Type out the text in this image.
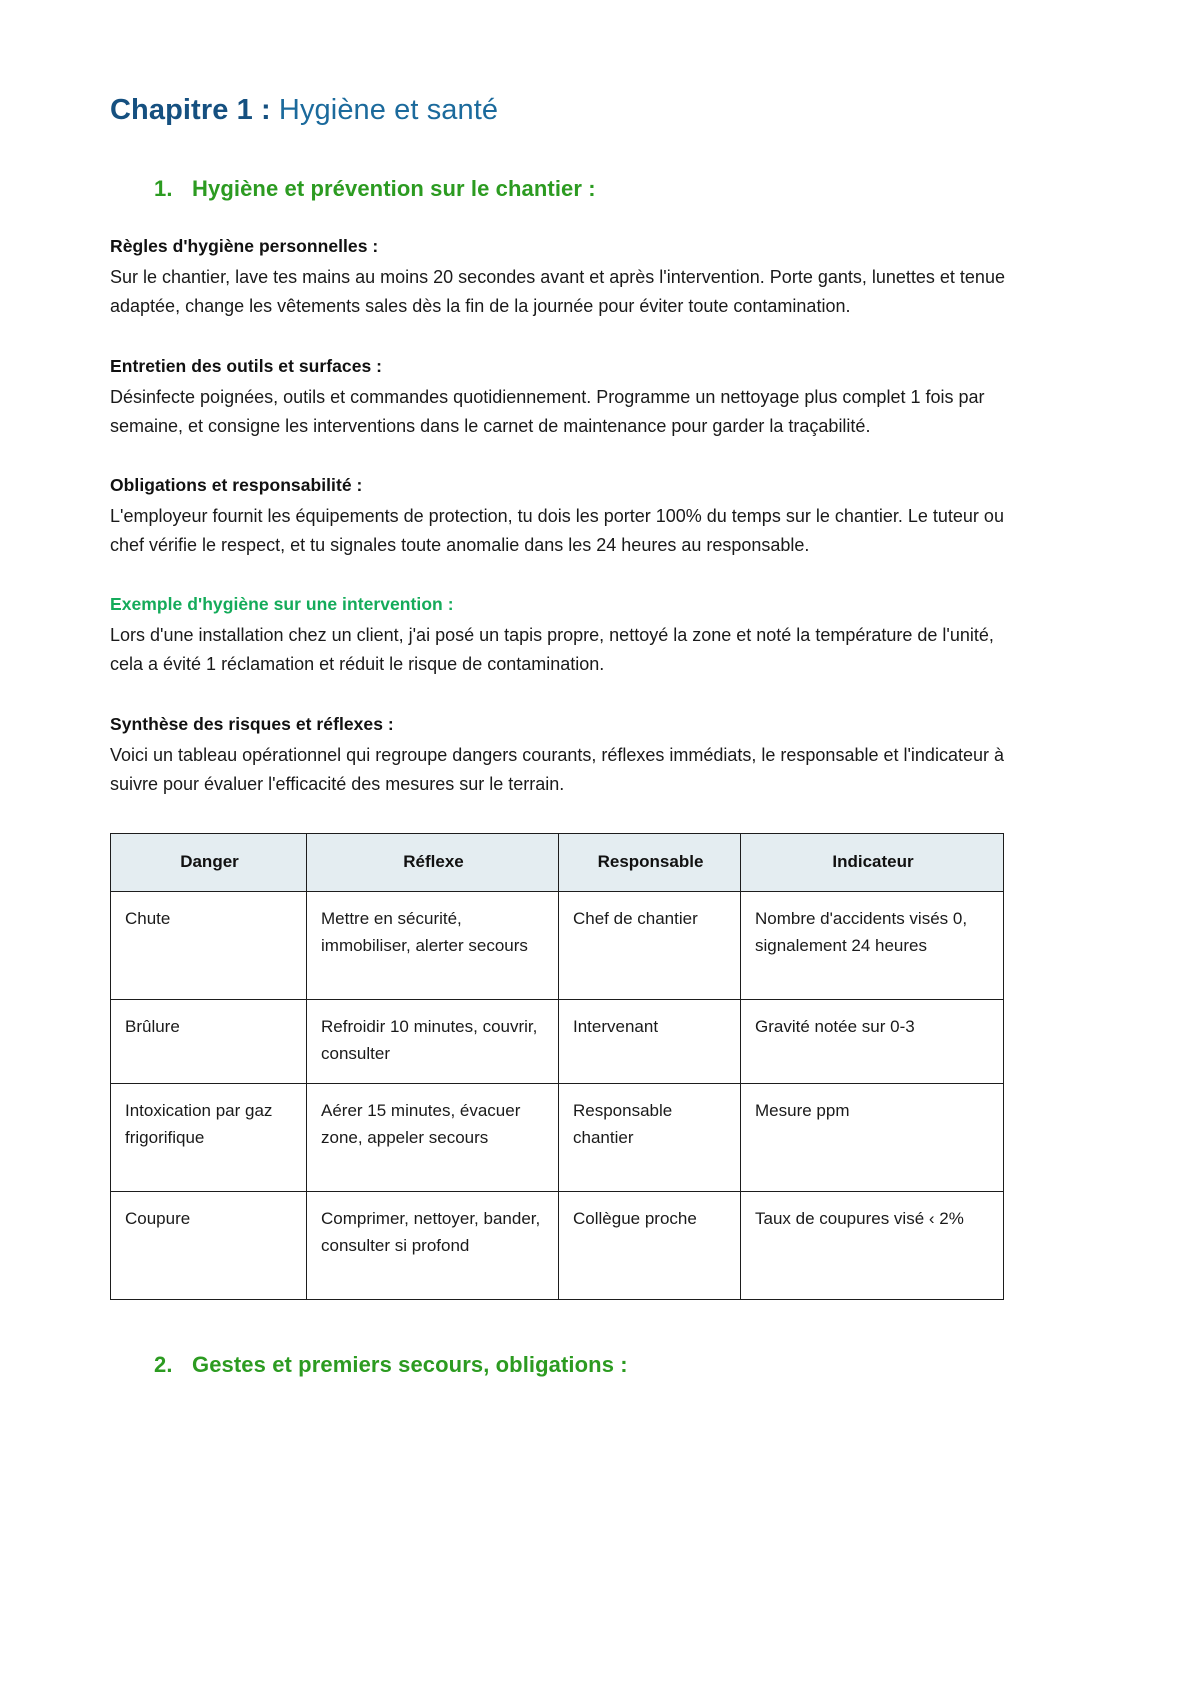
Chapitre 1 : Hygiène et santé
1. Hygiène et prévention sur le chantier :

Règles d'hygiène personnelles :

Sur le chantier, lave tes mains au moins 20 secondes avant et après l'intervention. Porte gants, lunettes et tenue adaptée, change les vêtements sales dès la fin de la journée pour éviter toute contamination.

Entretien des outils et surfaces :

Désinfecte poignées, outils et commandes quotidiennement. Programme un nettoyage plus complet 1 fois par semaine, et consigne les interventions dans le carnet de maintenance pour garder la traçabilité.

Obligations et responsabilité :

L'employeur fournit les équipements de protection, tu dois les porter 100% du temps sur le chantier. Le tuteur ou chef vérifie le respect, et tu signales toute anomalie dans les 24 heures au responsable.

Exemple d'hygiène sur une intervention :

Lors d'une installation chez un client, j'ai posé un tapis propre, nettoyé la zone et noté la température de l'unité, cela a évité 1 réclamation et réduit le risque de contamination.

Synthèse des risques et réflexes :

Voici un tableau opérationnel qui regroupe dangers courants, réflexes immédiats, le responsable et l'indicateur à suivre pour évaluer l'efficacité des mesures sur le terrain.

Danger	Réflexe	Responsable	Indicateur
Chute	Mettre en sécurité, immobiliser, alerter secours	Chef de chantier	Nombre d'accidents visés 0, signalement 24 heures
Brûlure	Refroidir 10 minutes, couvrir, consulter	Intervenant	Gravité notée sur 0-3
Intoxication par gaz frigorifique	Aérer 15 minutes, évacuer zone, appeler secours	Responsable chantier	Mesure ppm
Coupure	Comprimer, nettoyer, bander, consulter si profond	Collègue proche	Taux de coupures visé ‹ 2%
2. Gestes et premiers secours, obligations :
